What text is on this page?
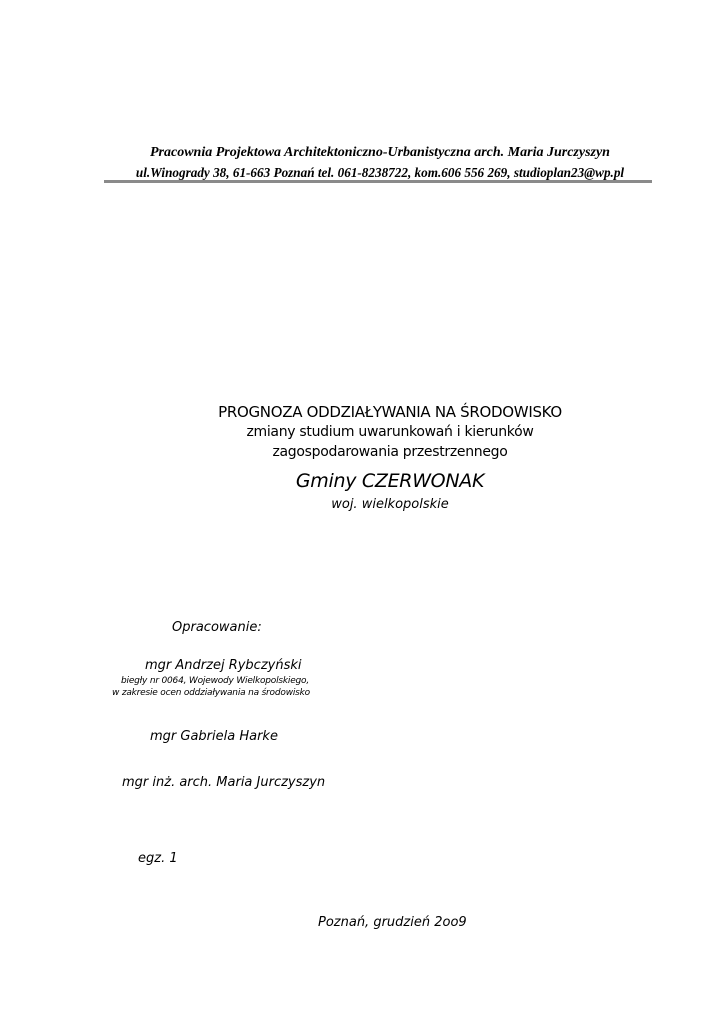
Pracownia Projektowa Architektoniczno-Urbanistyczna arch. Maria Jurczyszyn
ul.Winogrady 38, 61-663 Poznań tel. 061-8238722, kom.606 556 269, studioplan23@wp.pl
PROGNOZA ODDZIAŁYWANIA NA ŚRODOWISKO
zmiany studium uwarunkowań i kierunków
zagospodarowania przestrzennego
Gminy CZERWONAK
woj. wielkopolskie
Opracowanie:
mgr Andrzej Rybczyński
biegły nr 0064, Wojewody Wielkopolskiego,
w zakresie ocen oddziaływania na środowisko
mgr Gabriela Harke
mgr inż. arch. Maria Jurczyszyn
egz. 1
Poznań, grudzień 2oo9
